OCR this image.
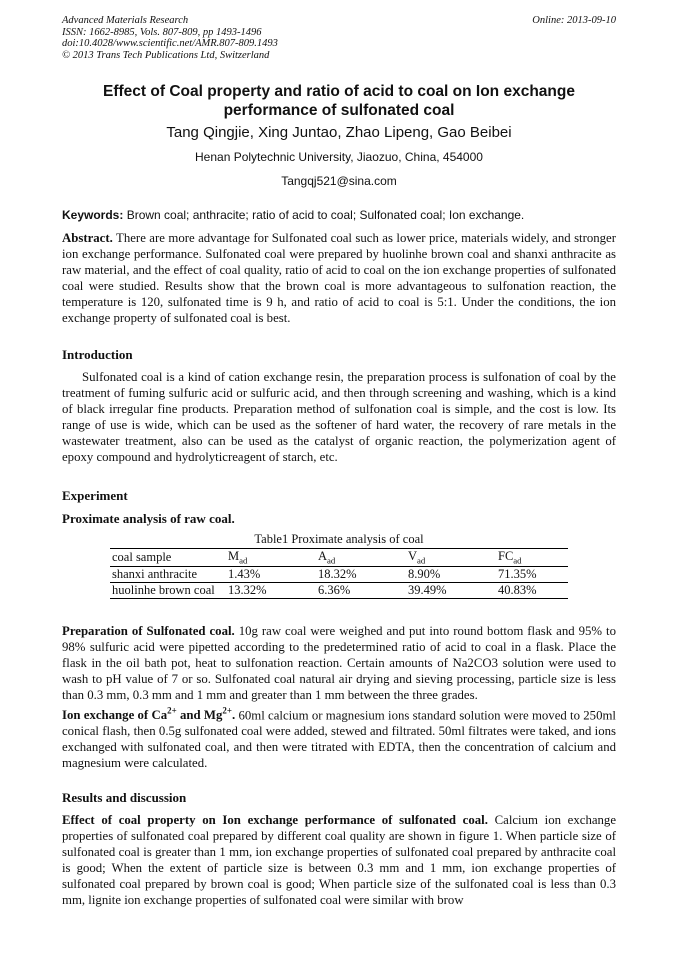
Advanced Materials Research
ISSN: 1662-8985, Vols. 807-809, pp 1493-1496
doi:10.4028/www.scientific.net/AMR.807-809.1493
© 2013 Trans Tech Publications Ltd, Switzerland
Online: 2013-09-10
Effect of Coal property and ratio of acid to coal on Ion exchange
performance of sulfonated coal
Tang Qingjie, Xing Juntao, Zhao Lipeng, Gao Beibei
Henan Polytechnic University, Jiaozuo, China, 454000
Tangqj521@sina.com
Keywords: Brown coal; anthracite; ratio of acid to coal; Sulfonated coal; Ion exchange.
Abstract. There are more advantage for Sulfonated coal such as lower price, materials widely, and stronger ion exchange performance. Sulfonated coal were prepared by huolinhe brown coal and shanxi anthracite as raw material, and the effect of coal quality, ratio of acid to coal on the ion exchange properties of sulfonated coal were studied. Results show that the brown coal is more advantageous to sulfonation reaction, the temperature is 120, sulfonated time is 9 h, and ratio of acid to coal is 5:1. Under the conditions, the ion exchange property of sulfonated coal is best.
Introduction
Sulfonated coal is a kind of cation exchange resin, the preparation process is sulfonation of coal by the treatment of fuming sulfuric acid or sulfuric acid, and then through screening and washing, which is a kind of black irregular fine products. Preparation method of sulfonation coal is simple, and the cost is low. Its range of use is wide, which can be used as the softener of hard water, the recovery of rare metals in the wastewater treatment, also can be used as the catalyst of organic reaction, the polymerization agent of epoxy compound and hydrolyticreagent of starch, etc.
Experiment
Proximate analysis of raw coal.
Table1 Proximate analysis of coal
coal sample	$M_{ad}$	$A_{ad}$	$V_{ad}$	$FC_{ad}$
shanxi anthracite	1.43%	18.32%	8.90%	71.35%
huolinhe brown coal	13.32%	6.36%	39.49%	40.83%
Preparation of Sulfonated coal. 10g raw coal were weighed and put into round bottom flask and 95% to 98% sulfuric acid were pipetted according to the predetermined ratio of acid to coal in a flask. Place the flask in the oil bath pot, heat to sulfonation reaction. Certain amounts of Na2CO3 solution were used to wash to pH value of 7 or so. Sulfonated coal natural air drying and sieving processing, particle size is less than 0.3 mm, 0.3 mm and 1 mm and greater than 1 mm between the three grades.
Ion exchange of $Ca^{2+}$ and $Mg^{2+}$. 60ml calcium or magnesium ions standard solution were moved to 250ml conical flash, then 0.5g sulfonated coal were added, stewed and filtrated. 50ml filtrates were taked, and ions exchanged with sulfonated coal, and then were titrated with EDTA, then the concentration of calcium and magnesium were calculated.
Results and discussion
Effect of coal property on Ion exchange performance of sulfonated coal. Calcium ion exchange properties of sulfonated coal prepared by different coal quality are shown in figure 1. When particle size of sulfonated coal is greater than 1 mm, ion exchange properties of sulfonated coal prepared by anthracite coal is good; When the extent of particle size is between 0.3 mm and 1 mm, ion exchange properties of sulfonated coal prepared by brown coal is good; When particle size of the sulfonated coal is less than 0.3 mm, lignite ion exchange properties of sulfonated coal were similar with brow
